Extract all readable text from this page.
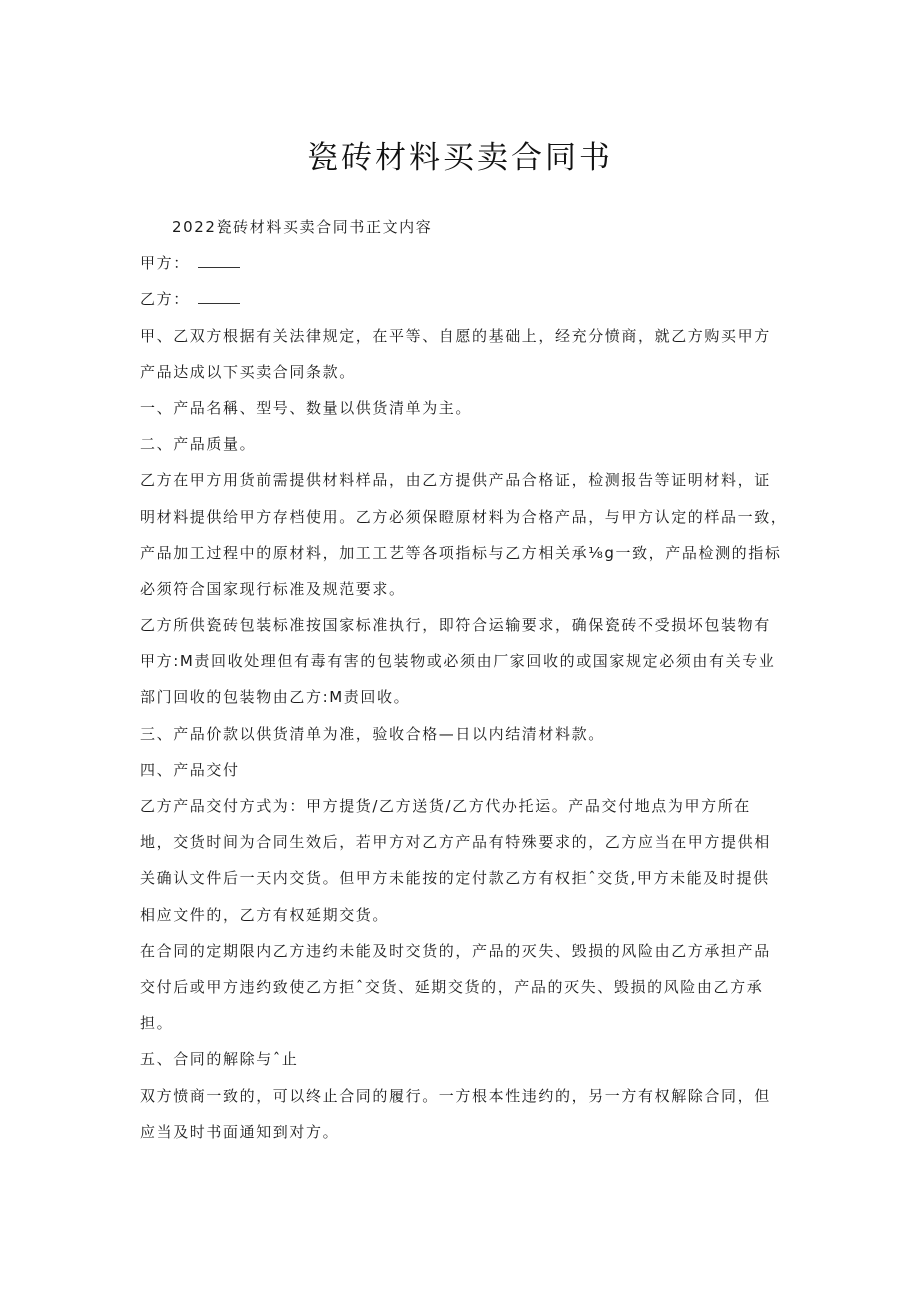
瓷砖材料买卖合同书
2022瓷砖材料买卖合同书正文内容
甲方：
乙方：
甲、乙双方根据有关法律规定，在平等、自愿的基础上，经充分愤商，就乙方购买甲方
产品达成以下买卖合同条款。
一、产品名稱、型号、数量以供货清单为主。
二、产品质量。
乙方在甲方用货前需提供材料样品，由乙方提供产品合格证，检测报告等证明材料，证
明材料提供给甲方存档使用。乙方必须保瞪原材料为合格产品，与甲方认定的样品一致，
产品加工过程中的原材料，加工工艺等各项指标与乙方相关承⅛g一致，产品检测的指标
必须符合国家现行标准及规范要求。
乙方所供瓷砖包装标准按国家标准执行，即符合运输要求，确保瓷砖不受损坏包装物有
甲方:M责回收处理但有毒有害的包装物或必须由厂家回收的或国家规定必须由有关专业
部门回收的包装物由乙方:M责回收。
三、产品价款以供货清单为准，验收合格—日以内结清材料款。
四、产品交付
乙方产品交付方式为：甲方提货/乙方送货/乙方代办托运。产品交付地点为甲方所在
地，交货时间为合同生效后，若甲方对乙方产品有特殊要求的，乙方应当在甲方提供相
关确认文件后一天内交货。但甲方未能按的定付款乙方有权拒ˆ交货,甲方未能及时提供
相应文件的，乙方有权延期交货。
在合同的定期限内乙方违约未能及时交货的，产品的灭失、毁损的风险由乙方承担产品
交付后或甲方违约致使乙方拒ˆ交货、延期交货的，产品的灭失、毁损的风险由乙方承
担。
五、合同的解除与ˆ止
双方愤商一致的，可以终止合同的履行。一方根本性违约的，另一方有权解除合同，但
应当及时书面通知到对方。
